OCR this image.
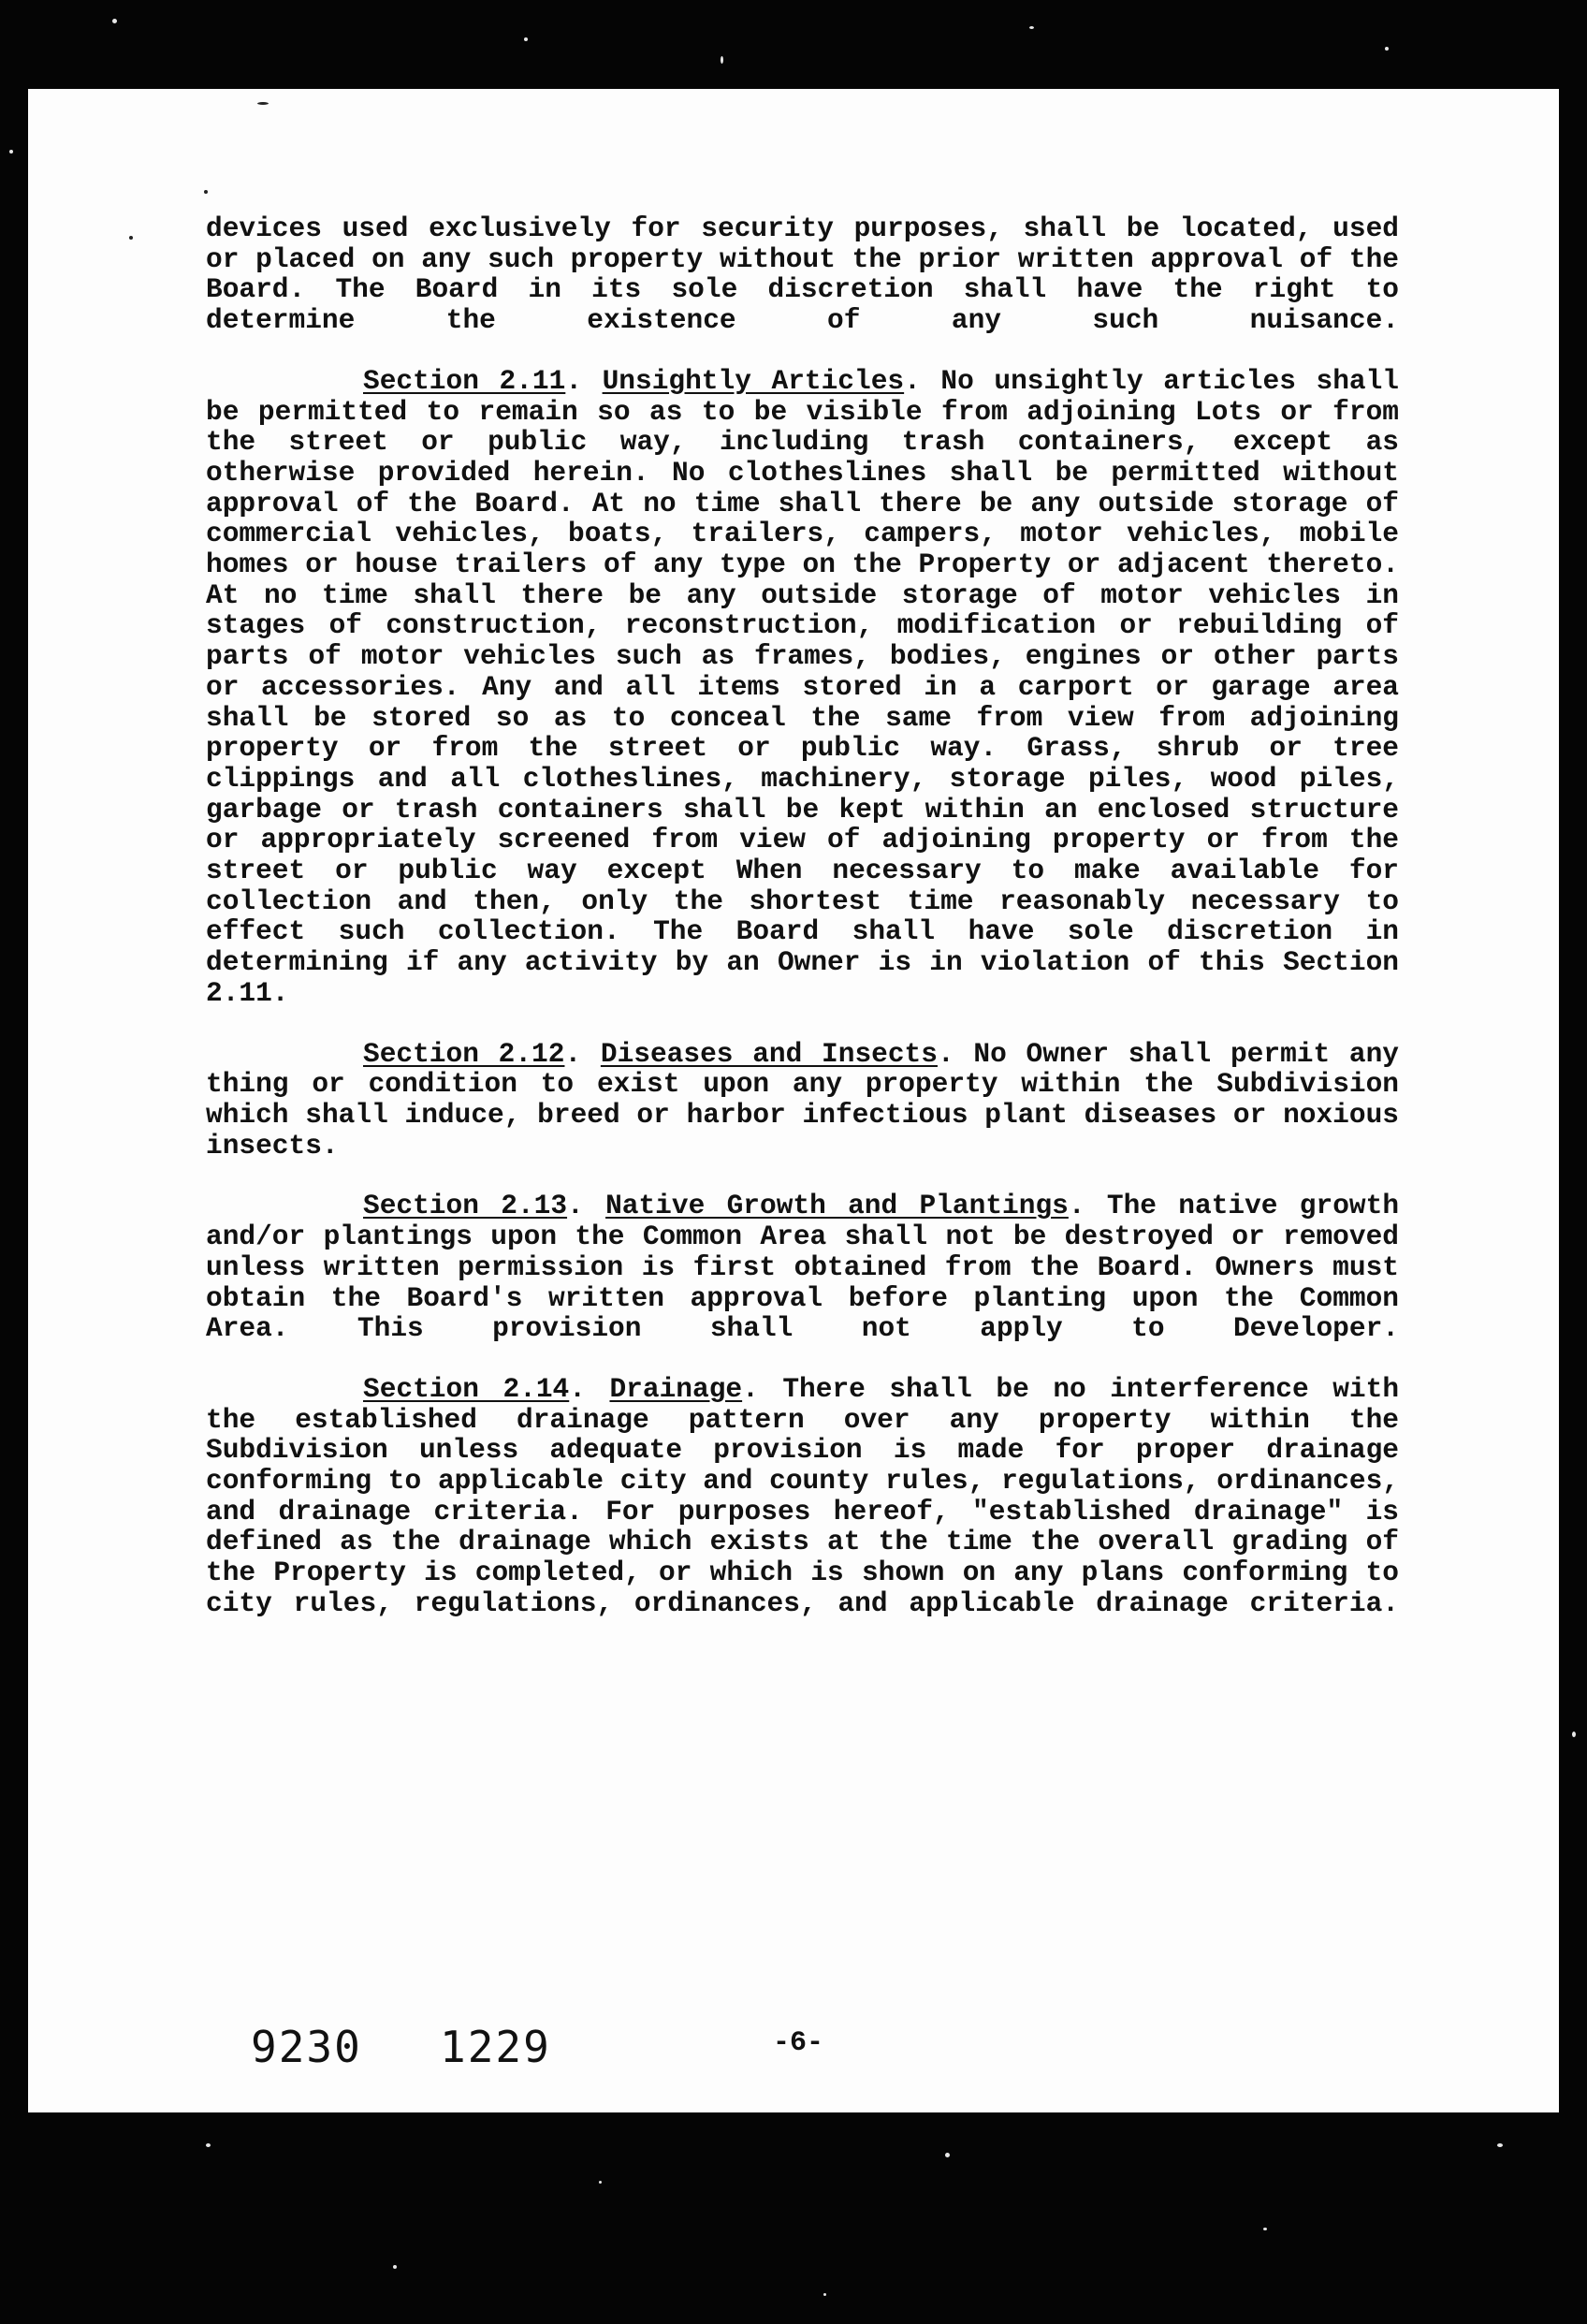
devices used exclusively for security purposes, shall be located, used or placed on any such property without the prior written approval of the Board. The Board in its sole discretion shall have the right to determine the existence of any such nuisance.

Section 2.11. Unsightly Articles. No unsightly articles shall be permitted to remain so as to be visible from adjoining Lots or from the street or public way, including trash containers, except as otherwise provided herein. No clotheslines shall be permitted without approval of the Board. At no time shall there be any outside storage of commercial vehicles, boats, trailers, campers, motor vehicles, mobile homes or house trailers of any type on the Property or adjacent thereto. At no time shall there be any outside storage of motor vehicles in stages of construction, reconstruction, modification or rebuilding of parts of motor vehicles such as frames, bodies, engines or other parts or accessories. Any and all items stored in a carport or garage area shall be stored so as to conceal the same from view from adjoining property or from the street or public way. Grass, shrub or tree clippings and all clotheslines, machinery, storage piles, wood piles, garbage or trash containers shall be kept within an enclosed structure or appropriately screened from view of adjoining property or from the street or public way except When necessary to make available for collection and then, only the shortest time reasonably necessary to effect such collection. The Board shall have sole discretion in determining if any activity by an Owner is in violation of this Section 2.11.

Section 2.12. Diseases and Insects. No Owner shall permit any thing or condition to exist upon any property within the Subdivision which shall induce, breed or harbor infectious plant diseases or noxious insects.

Section 2.13. Native Growth and Plantings. The native growth and/or plantings upon the Common Area shall not be destroyed or removed unless written permission is first obtained from the Board. Owners must obtain the Board's written approval before planting upon the Common Area. This provision shall not apply to Developer.

Section 2.14. Drainage. There shall be no interference with the established drainage pattern over any property within the Subdivision unless adequate provision is made for proper drainage conforming to applicable city and county rules, regulations, ordinances, and drainage criteria. For purposes hereof, "established drainage" is defined as the drainage which exists at the time the overall grading of the Property is completed, or which is shown on any plans conforming to city rules, regulations, ordinances, and applicable drainage criteria.

9230 1229	-6-
